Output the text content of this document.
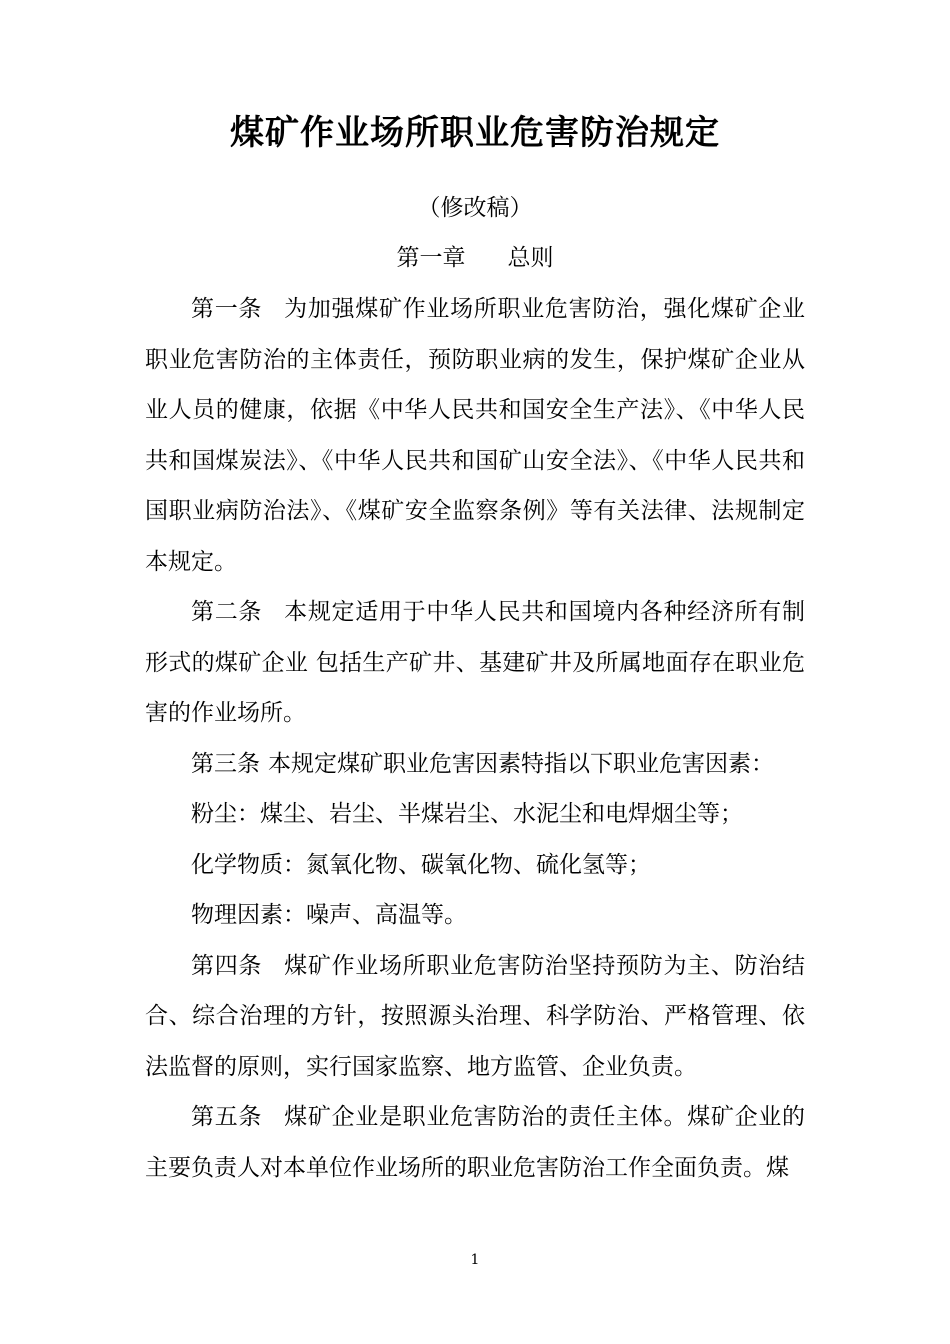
煤矿作业场所职业危害防治规定
（修改稿）
第一章 总则

第一条 为加强煤矿作业场所职业危害防治，强化煤矿企业职业危害防治的主体责任，预防职业病的发生，保护煤矿企业从业人员的健康，依据《中华人民共和国安全生产法》、《中华人民共和国煤炭法》、《中华人民共和国矿山安全法》、《中华人民共和国职业病防治法》、《煤矿安全监察条例》等有关法律、法规制定本规定。

第二条 本规定适用于中华人民共和国境内各种经济所有制形式的煤矿企业 包括生产矿井、基建矿井及所属地面存在职业危害的作业场所。

第三条 本规定煤矿职业危害因素特指以下职业危害因素：

粉尘：煤尘、岩尘、半煤岩尘、水泥尘和电焊烟尘等；

化学物质：氮氧化物、碳氧化物、硫化氢等；

物理因素：噪声、高温等。

第四条 煤矿作业场所职业危害防治坚持预防为主、防治结合、综合治理的方针，按照源头治理、科学防治、严格管理、依法监督的原则，实行国家监察、地方监管、企业负责。

第五条 煤矿企业是职业危害防治的责任主体。煤矿企业的主要负责人对本单位作业场所的职业危害防治工作全面负责。煤

1
